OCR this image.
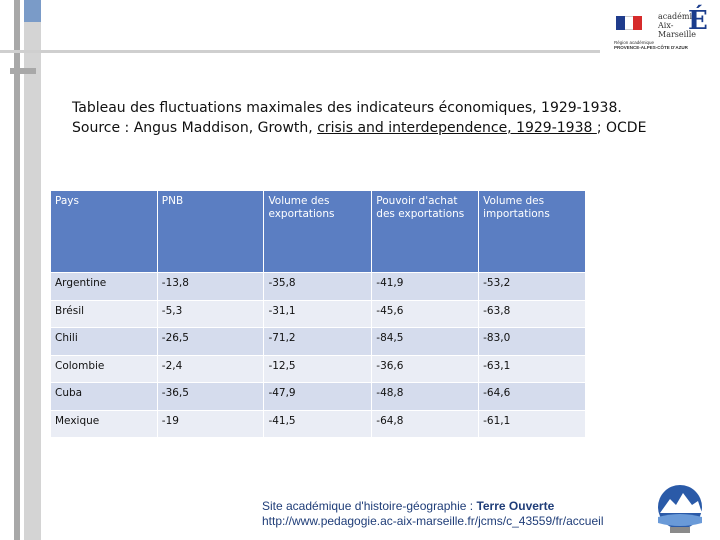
académie
Aix-Marseille
É
Région académique
PROVENCE-ALPES-CÔTE D'AZUR
Tableau des fluctuations maximales des indicateurs économiques, 1929-1938.
Source : Angus Maddison, Growth, crisis and interdependence, 1929-1938 ; OCDE
Pays	PNB	Volume des exportations	Pouvoir d'achat des exportations	Volume des importations
Argentine	-13,8	-35,8	-41,9	-53,2
Brésil	-5,3	-31,1	-45,6	-63,8
Chili	-26,5	-71,2	-84,5	-83,0
Colombie	-2,4	-12,5	-36,6	-63,1
Cuba	-36,5	-47,9	-48,8	-64,6
Mexique	-19	-41,5	-64,8	-61,1
Site académique d'histoire-géographie : Terre Ouverte
http://www.pedagogie.ac-aix-marseille.fr/jcms/c_43559/fr/accueil
